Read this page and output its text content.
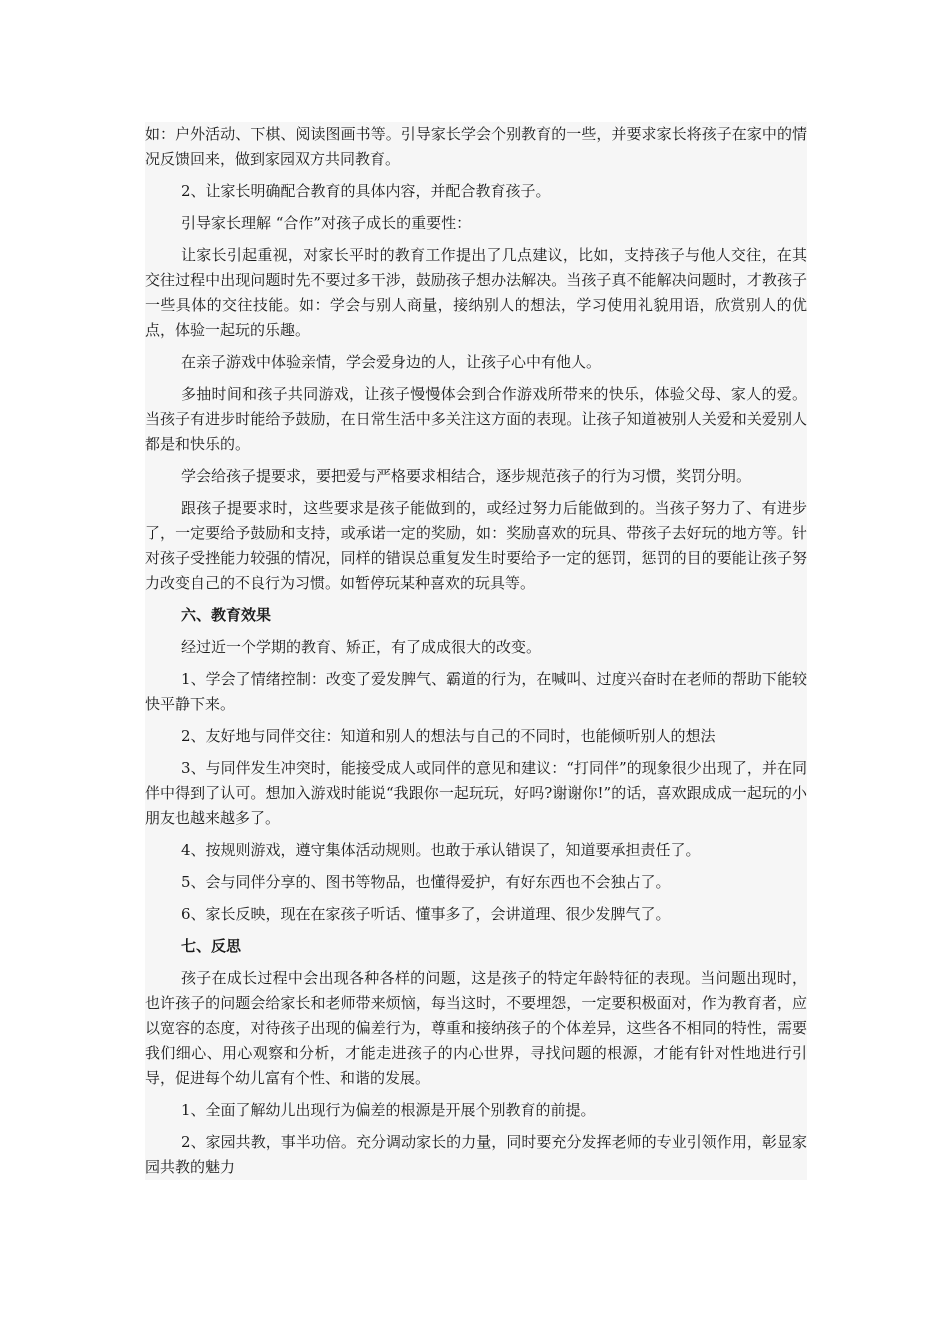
如：户外活动、下棋、阅读图画书等。引导家长学会个别教育的一些，并要求家长将孩子在家中的情况反馈回来，做到家园双方共同教育。

2、让家长明确配合教育的具体内容，并配合教育孩子。

引导家长理解 “合作”对孩子成长的重要性：

让家长引起重视，对家长平时的教育工作提出了几点建议，比如，支持孩子与他人交往，在其交往过程中出现问题时先不要过多干涉，鼓励孩子想办法解决。当孩子真不能解决问题时，才教孩子一些具体的交往技能。如：学会与别人商量，接纳别人的想法，学习使用礼貌用语，欣赏别人的优点，体验一起玩的乐趣。

在亲子游戏中体验亲情，学会爱身边的人，让孩子心中有他人。

多抽时间和孩子共同游戏，让孩子慢慢体会到合作游戏所带来的快乐，体验父母、家人的爱。当孩子有进步时能给予鼓励，在日常生活中多关注这方面的表现。让孩子知道被别人关爱和关爱别人都是和快乐的。

学会给孩子提要求，要把爱与严格要求相结合，逐步规范孩子的行为习惯，奖罚分明。

跟孩子提要求时，这些要求是孩子能做到的，或经过努力后能做到的。当孩子努力了、有进步了，一定要给予鼓励和支持，或承诺一定的奖励，如：奖励喜欢的玩具、带孩子去好玩的地方等。针对孩子受挫能力较强的情况，同样的错误总重复发生时要给予一定的惩罚，惩罚的目的要能让孩子努力改变自己的不良行为习惯。如暂停玩某种喜欢的玩具等。

六、教育效果

经过近一个学期的教育、矫正，有了成成很大的改变。

1、学会了情绪控制：改变了爱发脾气、霸道的行为，在喊叫、过度兴奋时在老师的帮助下能较快平静下来。

2、友好地与同伴交往：知道和别人的想法与自己的不同时，也能倾听别人的想法

3、与同伴发生冲突时，能接受成人或同伴的意见和建议：“打同伴”的现象很少出现了，并在同伴中得到了认可。想加入游戏时能说“我跟你一起玩玩，好吗?谢谢你!”的话，喜欢跟成成一起玩的小朋友也越来越多了。

4、按规则游戏，遵守集体活动规则。也敢于承认错误了，知道要承担责任了。

5、会与同伴分享的、图书等物品，也懂得爱护，有好东西也不会独占了。

6、家长反映，现在在家孩子听话、懂事多了，会讲道理、很少发脾气了。

七、反思

孩子在成长过程中会出现各种各样的问题，这是孩子的特定年龄特征的表现。当问题出现时，也许孩子的问题会给家长和老师带来烦恼，每当这时，不要埋怨，一定要积极面对，作为教育者，应以宽容的态度，对待孩子出现的偏差行为，尊重和接纳孩子的个体差异，这些各不相同的特性，需要我们细心、用心观察和分析，才能走进孩子的内心世界，寻找问题的根源，才能有针对性地进行引导，促进每个幼儿富有个性、和谐的发展。

1、全面了解幼儿出现行为偏差的根源是开展个别教育的前提。

2、家园共教，事半功倍。充分调动家长的力量，同时要充分发挥老师的专业引领作用，彰显家园共教的魅力
